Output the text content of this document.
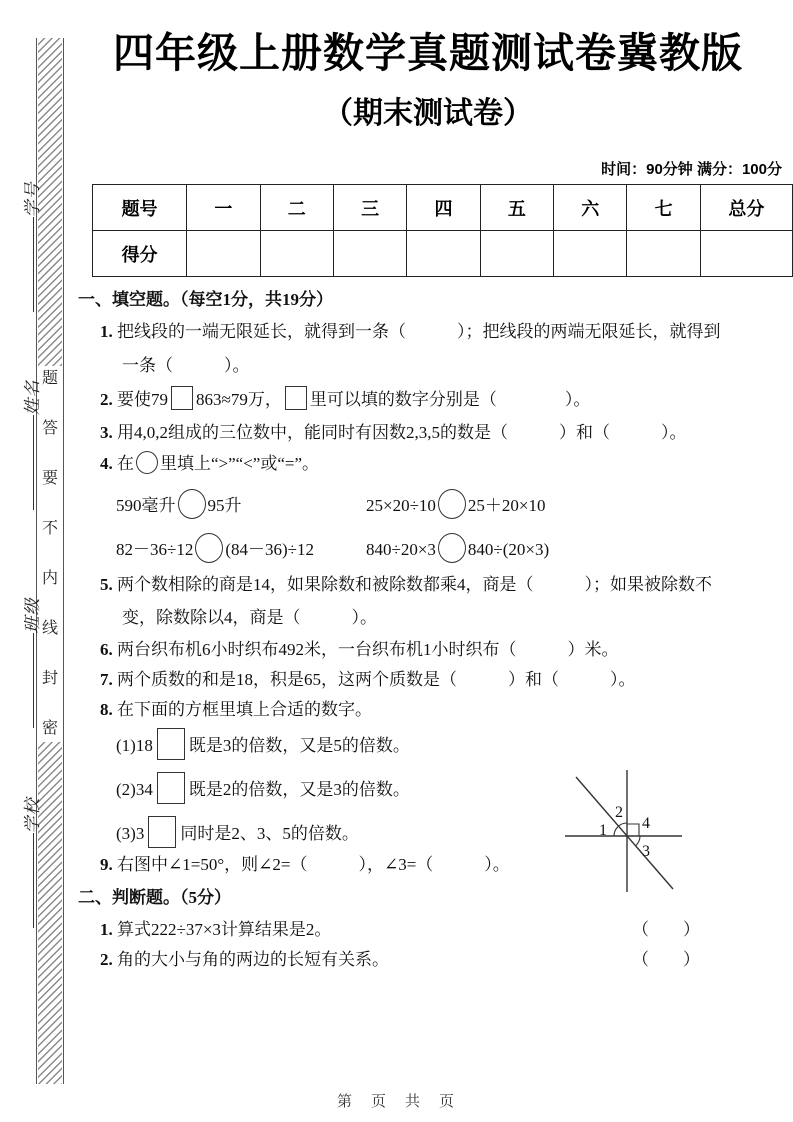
题
答
要
不
内
线
封
密
学号
姓名
班级
学校
四年级上册数学真题测试卷冀教版
（期末测试卷）
时间：90分钟 满分：100分
题号	一	二	三	四	五	六	七	总分
得分								
一、填空题。（每空1分，共19分）
1. 把线段的一端无限延长，就得到一条（　　　）；把线段的两端无限延长，就得到
一条（　　　）。
2. 要使79 863≈79万， 里可以填的数字分别是（　　　　）。
3. 用4,0,2组成的三位数中，能同时有因数2,3,5的数是（　　　）和（　　　）。
4. 在 里填上“>”“<”或“=”。
590毫升 95升	25×20÷10 25＋20×10
82－36÷12 (84－36)÷12	840÷20×3 840÷(20×3)
5. 两个数相除的商是14，如果除数和被除数都乘4，商是（　　　）；如果被除数不
变，除数除以4，商是（　　　）。
6. 两台织布机6小时织布492米，一台织布机1小时织布（　　　）米。
7. 两个质数的和是18，积是65，这两个质数是（　　　）和（　　　）。
8. 在下面的方框里填上合适的数字。
(1)18 既是3的倍数，又是5的倍数。
(2)34 既是2的倍数，又是3的倍数。
(3)3 同时是2、3、5的倍数。
9. 右图中∠1=50°，则∠2=（　　　），∠3=（　　　）。
1
2
3
4
二、判断题。（5分）
1. 算式222÷37×3计算结果是2。	（　　）
2. 角的大小与角的两边的长短有关系。	（　　）
第　页　共　页
